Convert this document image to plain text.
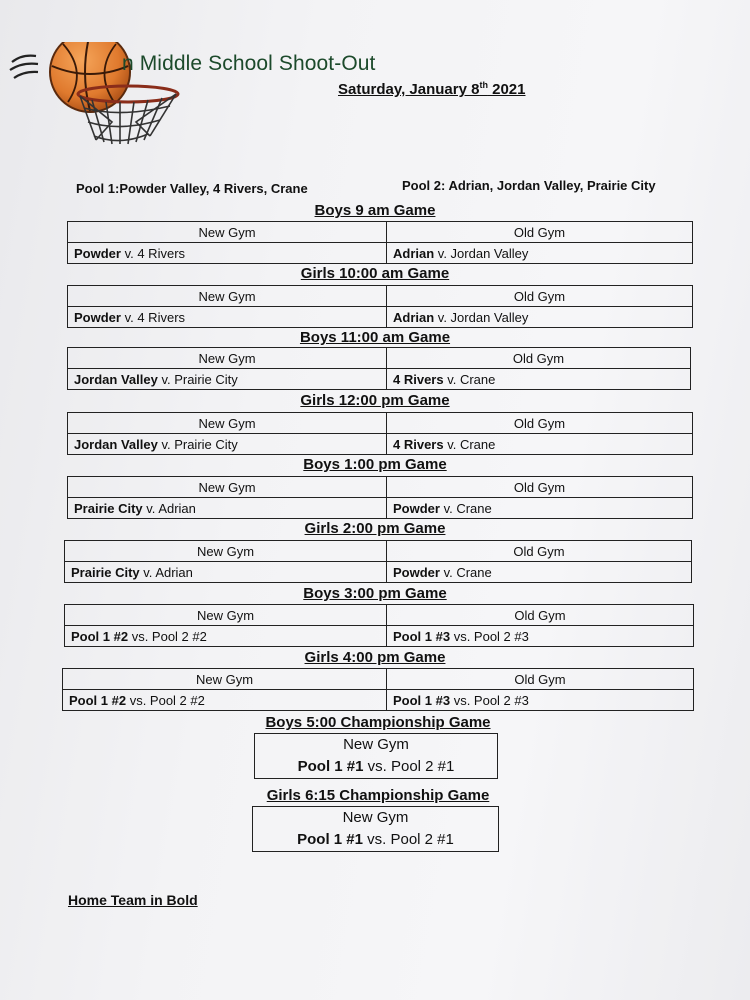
n Middle School Shoot-Out
Saturday, January 8th 2021
Pool 1:Powder Valley, 4 Rivers, Crane	Pool 2: Adrian, Jordan Valley, Prairie City
Boys 9 am Game
New Gym	Old Gym
Powder v. 4 Rivers	Adrian v. Jordan Valley
Girls 10:00 am Game
New Gym	Old Gym
Powder v. 4 Rivers	Adrian v. Jordan Valley
Boys 11:00 am Game
New Gym	Old Gym
Jordan Valley v. Prairie City	4 Rivers v. Crane
Girls 12:00 pm Game
New Gym	Old Gym
Jordan Valley v. Prairie City	4 Rivers v. Crane
Boys 1:00 pm Game
New Gym	Old Gym
Prairie City v. Adrian	Powder v. Crane
Girls 2:00 pm Game
New Gym	Old Gym
Prairie City v. Adrian	Powder v. Crane
Boys 3:00 pm Game
New Gym	Old Gym
Pool 1 #2 vs. Pool 2 #2	Pool 1 #3 vs. Pool 2 #3
Girls 4:00 pm Game
New Gym	Old Gym
Pool 1 #2 vs. Pool 2 #2	Pool 1 #3 vs. Pool 2 #3
Boys 5:00 Championship Game
New Gym
Pool 1 #1 vs. Pool 2 #1
Girls 6:15 Championship Game
New Gym
Pool 1 #1 vs. Pool 2 #1
Home Team in Bold
